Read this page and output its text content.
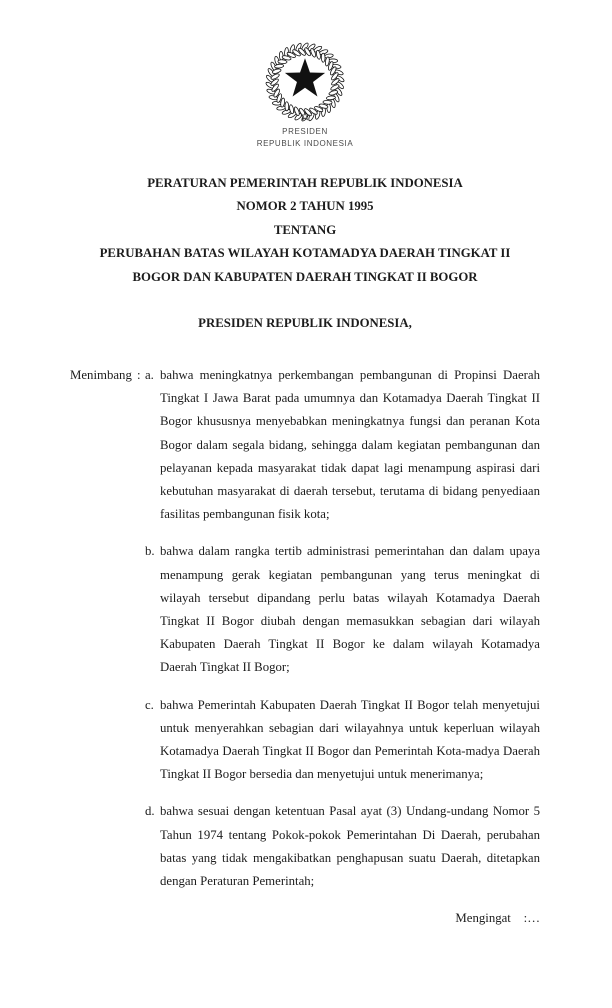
PRESIDEN
REPUBLIK INDONESIA
PERATURAN PEMERINTAH REPUBLIK INDONESIA
NOMOR 2 TAHUN 1995
TENTANG
PERUBAHAN BATAS WILAYAH KOTAMADYA DAERAH TINGKAT II
BOGOR DAN KABUPATEN DAERAH TINGKAT II BOGOR
PRESIDEN REPUBLIK INDONESIA,
Menimbang : a. bahwa meningkatnya perkembangan pembangunan di Propinsi Daerah Tingkat I Jawa Barat pada umumnya dan Kotamadya Daerah Tingkat II Bogor khususnya menyebabkan meningkatnya fungsi dan peranan Kota Bogor dalam segala bidang, sehingga dalam kegiatan pembangunan dan pelayanan kepada masyarakat tidak dapat lagi menampung aspirasi dari kebutuhan masyarakat di daerah tersebut, terutama di bidang penyediaan fasilitas pembangunan fisik kota;
b. bahwa dalam rangka tertib administrasi pemerintahan dan dalam upaya menampung gerak kegiatan pembangunan yang terus meningkat di wilayah tersebut dipandang perlu batas wilayah Kotamadya Daerah Tingkat II Bogor diubah dengan memasukkan sebagian dari wilayah Kabupaten Daerah Tingkat II Bogor ke dalam wilayah Kotamadya Daerah Tingkat II Bogor;
c. bahwa Pemerintah Kabupaten Daerah Tingkat II Bogor telah menyetujui untuk menyerahkan sebagian dari wilayahnya untuk keperluan wilayah Kotamadya Daerah Tingkat II Bogor dan Pemerintah Kota-madya Daerah Tingkat II Bogor bersedia dan menyetujui untuk menerimanya;
d. bahwa sesuai dengan ketentuan Pasal ayat (3) Undang-undang Nomor 5 Tahun 1974 tentang Pokok-pokok Pemerintahan Di Daerah, perubahan batas yang tidak mengakibatkan penghapusan suatu Daerah, ditetapkan dengan Peraturan Pemerintah;
Mengingat    :…
